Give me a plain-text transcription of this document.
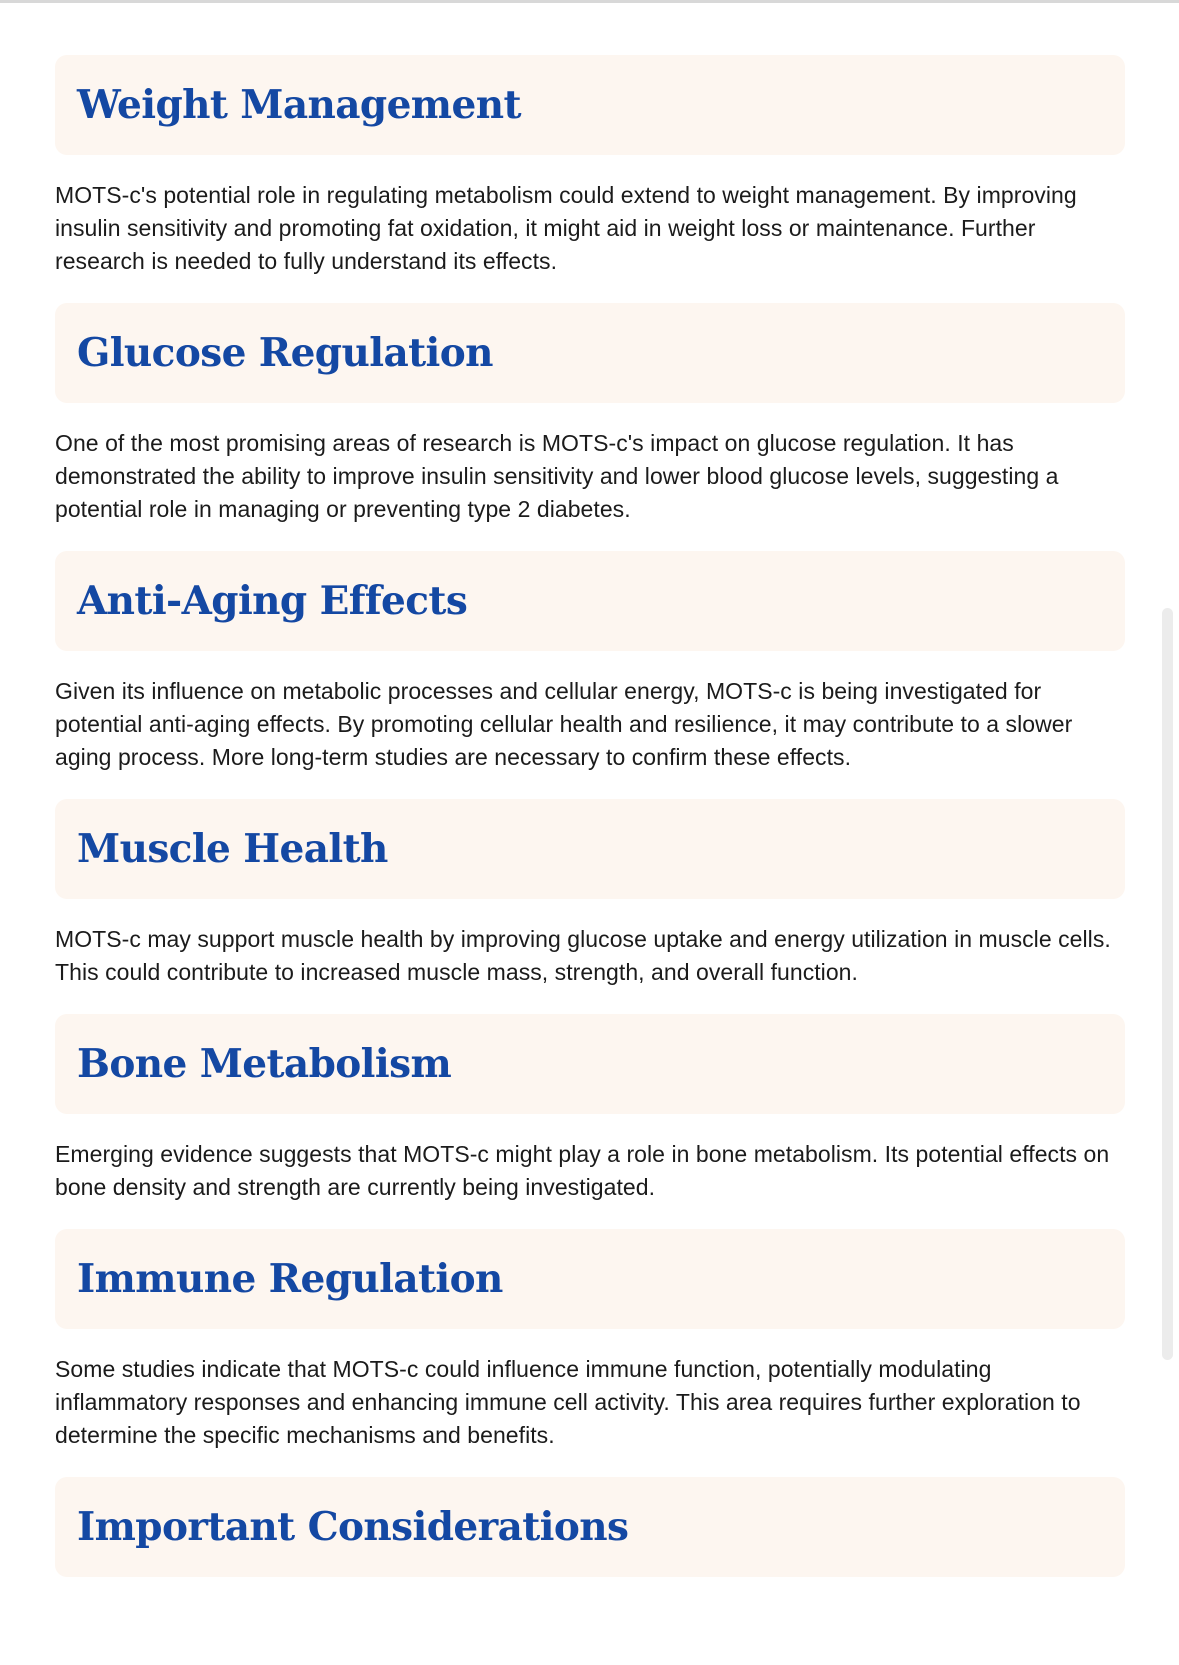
Weight Management

MOTS-c's potential role in regulating metabolism could extend to weight management. By improving insulin sensitivity and promoting fat oxidation, it might aid in weight loss or maintenance. Further research is needed to fully understand its effects.

Glucose Regulation

One of the most promising areas of research is MOTS-c's impact on glucose regulation. It has demonstrated the ability to improve insulin sensitivity and lower blood glucose levels, suggesting a potential role in managing or preventing type 2 diabetes.

Anti-Aging Effects

Given its influence on metabolic processes and cellular energy, MOTS-c is being investigated for potential anti-aging effects. By promoting cellular health and resilience, it may contribute to a slower aging process. More long-term studies are necessary to confirm these effects.

Muscle Health

MOTS-c may support muscle health by improving glucose uptake and energy utilization in muscle cells. This could contribute to increased muscle mass, strength, and overall function.

Bone Metabolism

Emerging evidence suggests that MOTS-c might play a role in bone metabolism. Its potential effects on bone density and strength are currently being investigated.

Immune Regulation

Some studies indicate that MOTS-c could influence immune function, potentially modulating inflammatory responses and enhancing immune cell activity. This area requires further exploration to determine the specific mechanisms and benefits.

Important Considerations
